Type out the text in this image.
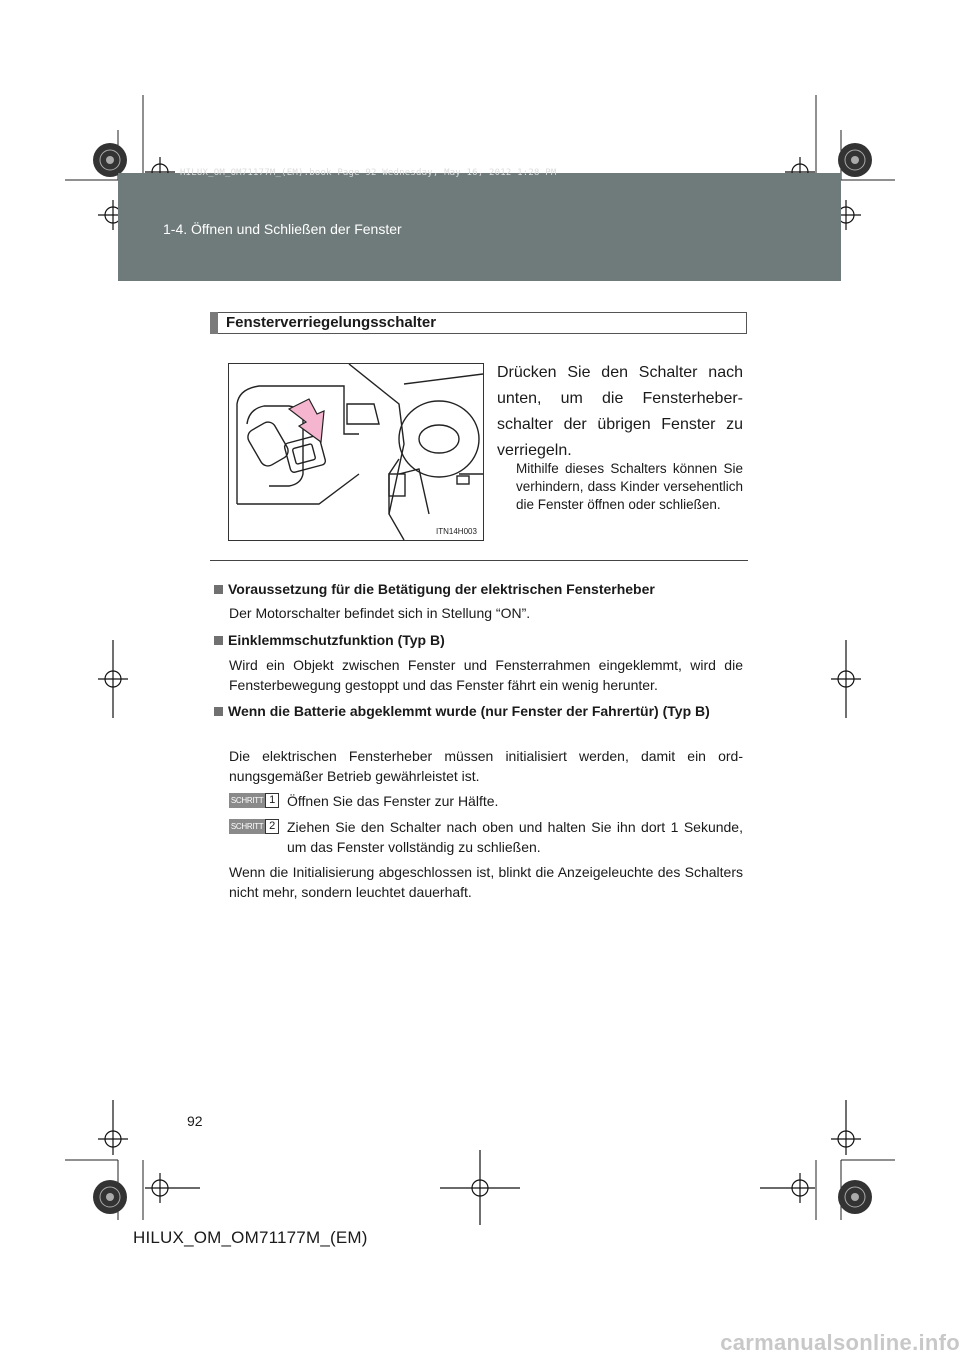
HILUX_OM_OM71177M_(EM).book Page 92 Wednesday, May 16, 2012 1:28 PM
1-4. Öffnen und Schließen der Fenster
Fensterverriegelungsschalter
ITN14H003
Drücken Sie den Schalter nach unten, um die Fensterheberschalter der übrigen Fenster zu verriegeln.
Mithilfe dieses Schalters können Sie verhindern, dass Kinder versehentlich die Fenster öffnen oder schließen.
Voraussetzung für die Betätigung der elektrischen Fensterheber
Der Motorschalter befindet sich in Stellung “ON”.
Einklemmschutzfunktion (Typ B)
Wird ein Objekt zwischen Fenster und Fensterrahmen eingeklemmt, wird die Fensterbewegung gestoppt und das Fenster fährt ein wenig herunter.
Wenn die Batterie abgeklemmt wurde (nur Fenster der Fahrertür) (Typ B)
Die elektrischen Fensterheber müssen initialisiert werden, damit ein ordnungsgemäßer Betrieb gewährleistet ist.
SCHRITT 1 Öffnen Sie das Fenster zur Hälfte.
SCHRITT 2 Ziehen Sie den Schalter nach oben und halten Sie ihn dort 1 Sekunde, um das Fenster vollständig zu schließen.
Wenn die Initialisierung abgeschlossen ist, blinkt die Anzeigeleuchte des Schalters nicht mehr, sondern leuchtet dauerhaft.
92
HILUX_OM_OM71177M_(EM)
carmanualsonline.info
